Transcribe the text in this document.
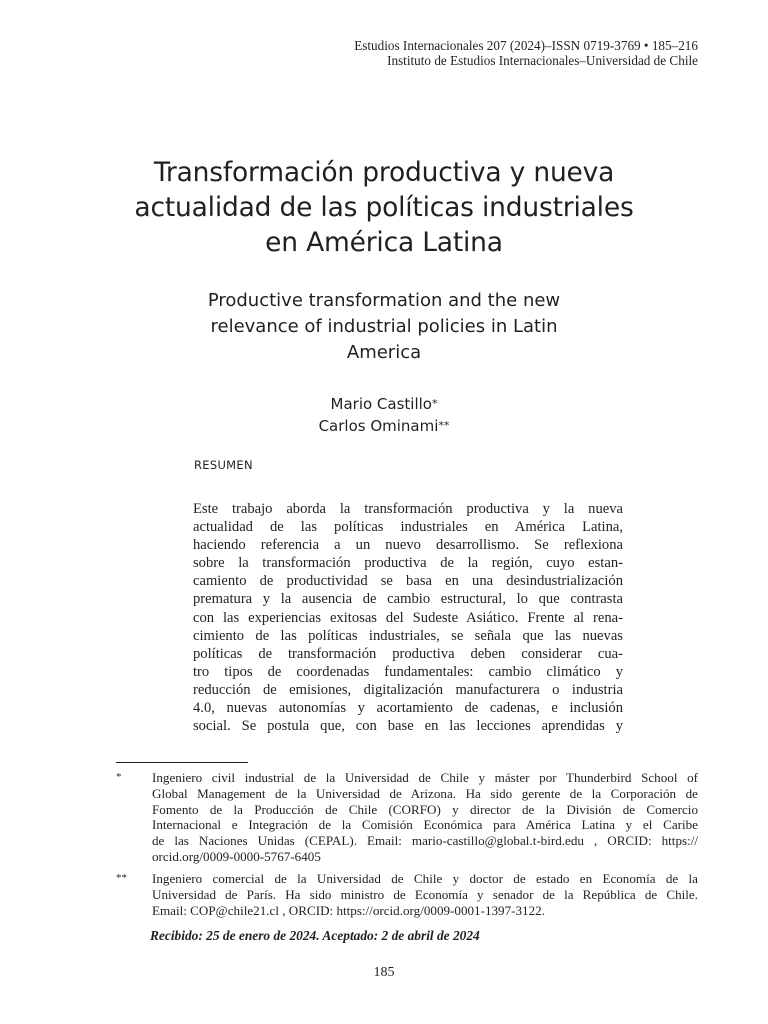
Estudios Internacionales 207 (2024)–ISSN 0719-3769 • 185–216
Instituto de Estudios Internacionales–Universidad de Chile
Transformación productiva y nueva
actualidad de las políticas industriales
en América Latina
Productive transformation and the new
relevance of industrial policies in Latin
America
Mario Castillo*
Carlos Ominami**
RESUMEN
Este trabajo aborda la transformación productiva y la nueva
actualidad de las políticas industriales en América Latina,
haciendo referencia a un nuevo desarrollismo. Se reflexiona
sobre la transformación productiva de la región, cuyo estan-
camiento de productividad se basa en una desindustrialización
prematura y la ausencia de cambio estructural, lo que contrasta
con las experiencias exitosas del Sudeste Asiático. Frente al rena-
cimiento de las políticas industriales, se señala que las nuevas
políticas de transformación productiva deben considerar cua-
tro tipos de coordenadas fundamentales: cambio climático y
reducción de emisiones, digitalización manufacturera o industria
4.0, nuevas autonomías y acortamiento de cadenas, e inclusión
social. Se postula que, con base en las lecciones aprendidas y
* Ingeniero civil industrial de la Universidad de Chile y máster por Thunderbird School of
Global Management de la Universidad de Arizona. Ha sido gerente de la Corporación de
Fomento de la Producción de Chile (CORFO) y director de la División de Comercio
Internacional e Integración de la Comisión Económica para América Latina y el Caribe
de las Naciones Unidas (CEPAL). Email: mario-castillo@global.t-bird.edu , ORCID: https://
orcid.org/0009-0000-5767-6405
** Ingeniero comercial de la Universidad de Chile y doctor de estado en Economía de la
Universidad de París. Ha sido ministro de Economía y senador de la República de Chile.
Email: COP@chile21.cl , ORCID: https://orcid.org/0009-0001-1397-3122.
Recibido: 25 de enero de 2024. Aceptado: 2 de abril de 2024
185
